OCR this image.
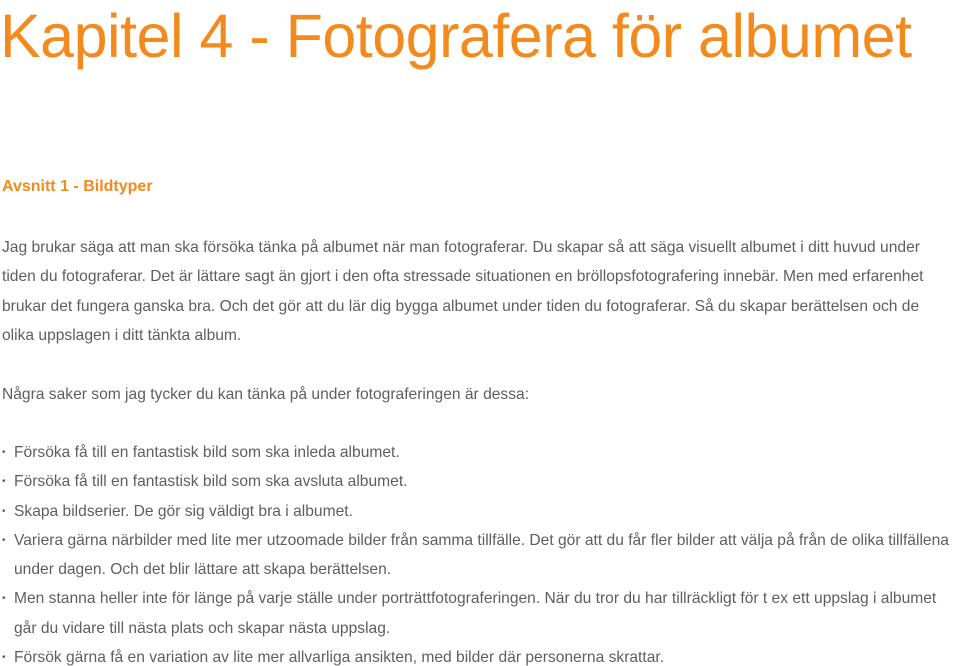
Kapitel 4 - Fotografera för albumet
Avsnitt 1 - Bildtyper

Jag brukar säga att man ska försöka tänka på albumet när man fotograferar. Du skapar så att säga visuellt albumet i ditt huvud under tiden du fotograferar. Det är lättare sagt än gjort i den ofta stressade situationen en bröllopsfotografering innebär. Men med erfarenhet brukar det fungera ganska bra. Och det gör att du lär dig bygga albumet under tiden du fotograferar. Så du skapar berättelsen och de olika uppslagen i ditt tänkta album.

Några saker som jag tycker du kan tänka på under fotograferingen är dessa:

• Försöka få till en fantastisk bild som ska inleda albumet.
• Försöka få till en fantastisk bild som ska avsluta albumet.
• Skapa bildserier. De gör sig väldigt bra i albumet.
• Variera gärna närbilder med lite mer utzoomade bilder från samma tillfälle. Det gör att du får fler bilder att välja på från de olika tillfällena under dagen. Och det blir lättare att skapa berättelsen.
• Men stanna heller inte för länge på varje ställe under porträttfotograferingen. När du tror du har tillräckligt för t ex ett uppslag i albumet går du vidare till nästa plats och skapar nästa uppslag.
• Försök gärna få en variation av lite mer allvarliga ansikten, med bilder där personerna skrattar.
